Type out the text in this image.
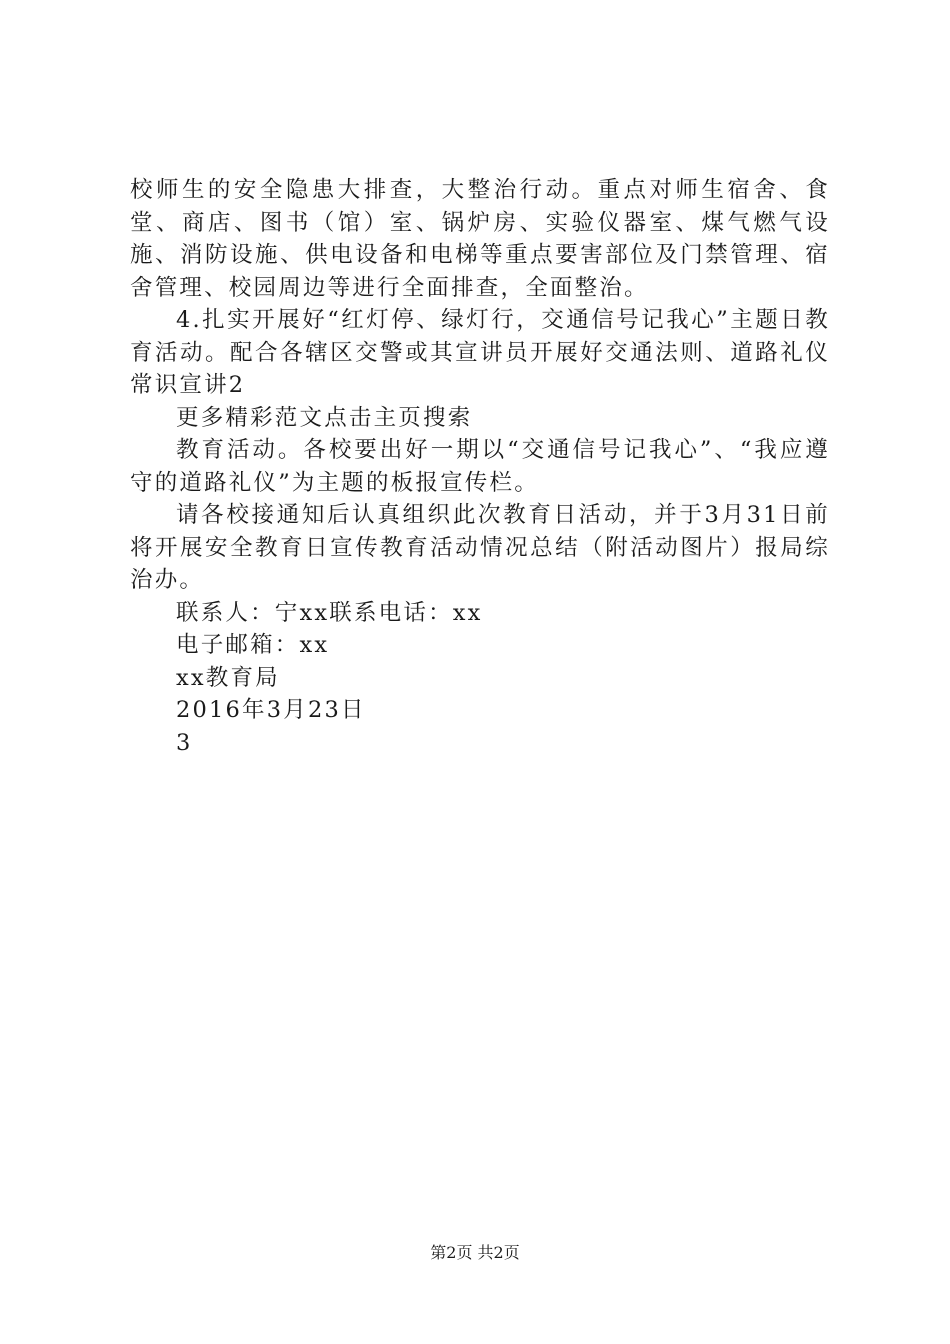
校师生的安全隐患大排查，大整治行动。重点对师生宿舍、食堂、商店、图书（馆）室、锅炉房、实验仪器室、煤气燃气设施、消防设施、供电设备和电梯等重点要害部位及门禁管理、宿舍管理、校园周边等进行全面排查，全面整治。

4.扎实开展好“红灯停、绿灯行，交通信号记我心”主题日教育活动。配合各辖区交警或其宣讲员开展好交通法则、道路礼仪常识宣讲2

更多精彩范文点击主页搜索

教育活动。各校要出好一期以“交通信号记我心”、“我应遵守的道路礼仪”为主题的板报宣传栏。

请各校接通知后认真组织此次教育日活动，并于3月31日前将开展安全教育日宣传教育活动情况总结（附活动图片）报局综治办。

联系人：宁xx联系电话：xx

电子邮箱：xx

xx教育局

2016年3月23日

3

第2页 共2页
